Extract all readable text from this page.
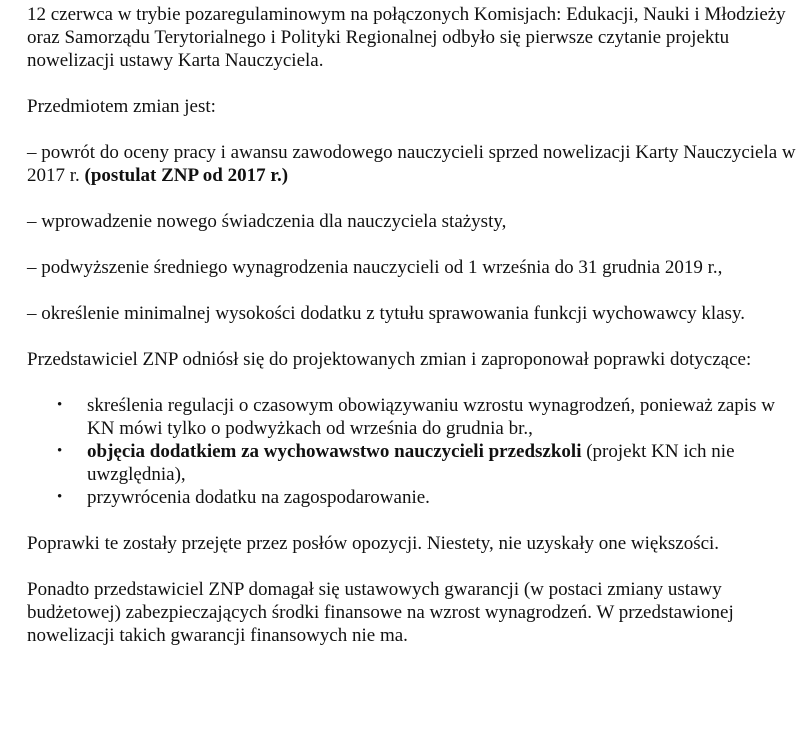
12 czerwca w trybie pozaregulaminowym na połączonych Komisjach: Edukacji, Nauki i Młodzieży oraz Samorządu Terytorialnego i Polityki Regionalnej odbyło się pierwsze czytanie projektu nowelizacji ustawy Karta Nauczyciela.

Przedmiotem zmian jest:

– powrót do oceny pracy i awansu zawodowego nauczycieli sprzed nowelizacji Karty Nauczyciela w 2017 r. (postulat ZNP od 2017 r.)

– wprowadzenie nowego świadczenia dla nauczyciela stażysty,

– podwyższenie średniego wynagrodzenia nauczycieli od 1 września do 31 grudnia 2019 r.,

– określenie minimalnej wysokości dodatku z tytułu sprawowania funkcji wychowawcy klasy.

Przedstawiciel ZNP odniósł się do projektowanych zmian i zaproponował poprawki dotyczące:

• skreślenia regulacji o czasowym obowiązywaniu wzrostu wynagrodzeń, ponieważ zapis w KN mówi tylko o podwyżkach od września do grudnia br.,
• objęcia dodatkiem za wychowawstwo nauczycieli przedszkoli (projekt KN ich nie uwzględnia),
• przywrócenia dodatku na zagospodarowanie.

Poprawki te zostały przejęte przez posłów opozycji. Niestety, nie uzyskały one większości.

Ponadto przedstawiciel ZNP domagał się ustawowych gwarancji (w postaci zmiany ustawy budżetowej) zabezpieczających środki finansowe na wzrost wynagrodzeń. W przedstawionej nowelizacji takich gwarancji finansowych nie ma.
